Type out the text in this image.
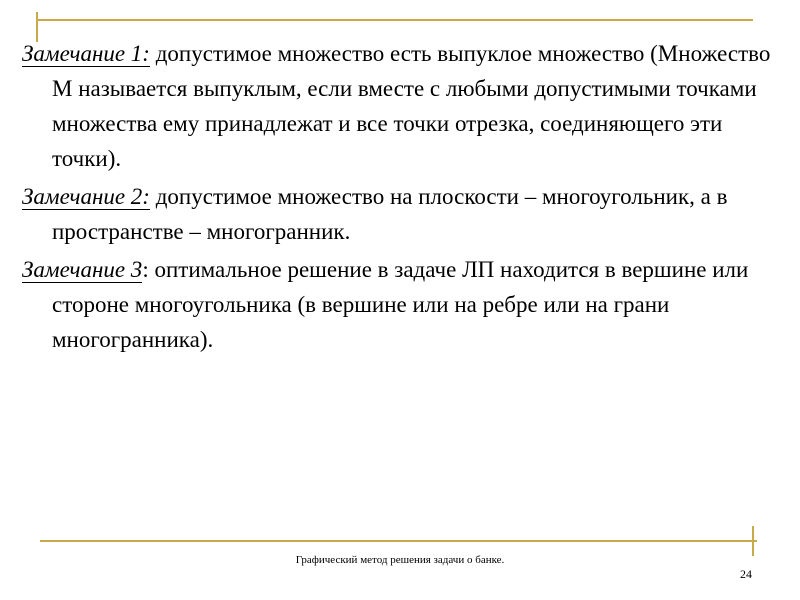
Замечание 1: допустимое множество есть выпуклое множество (Множество М называется выпуклым, если вместе с любыми допустимыми точками множества ему принадлежат и все точки отрезка, соединяющего эти точки).

Замечание 2: допустимое множество на плоскости – многоугольник, а в пространстве – многогранник.

Замечание 3: оптимальное решение в задаче ЛП находится в вершине или стороне многоугольника (в вершине или на ребре или на грани многогранника).

Графический метод решения задачи о банке.
24
